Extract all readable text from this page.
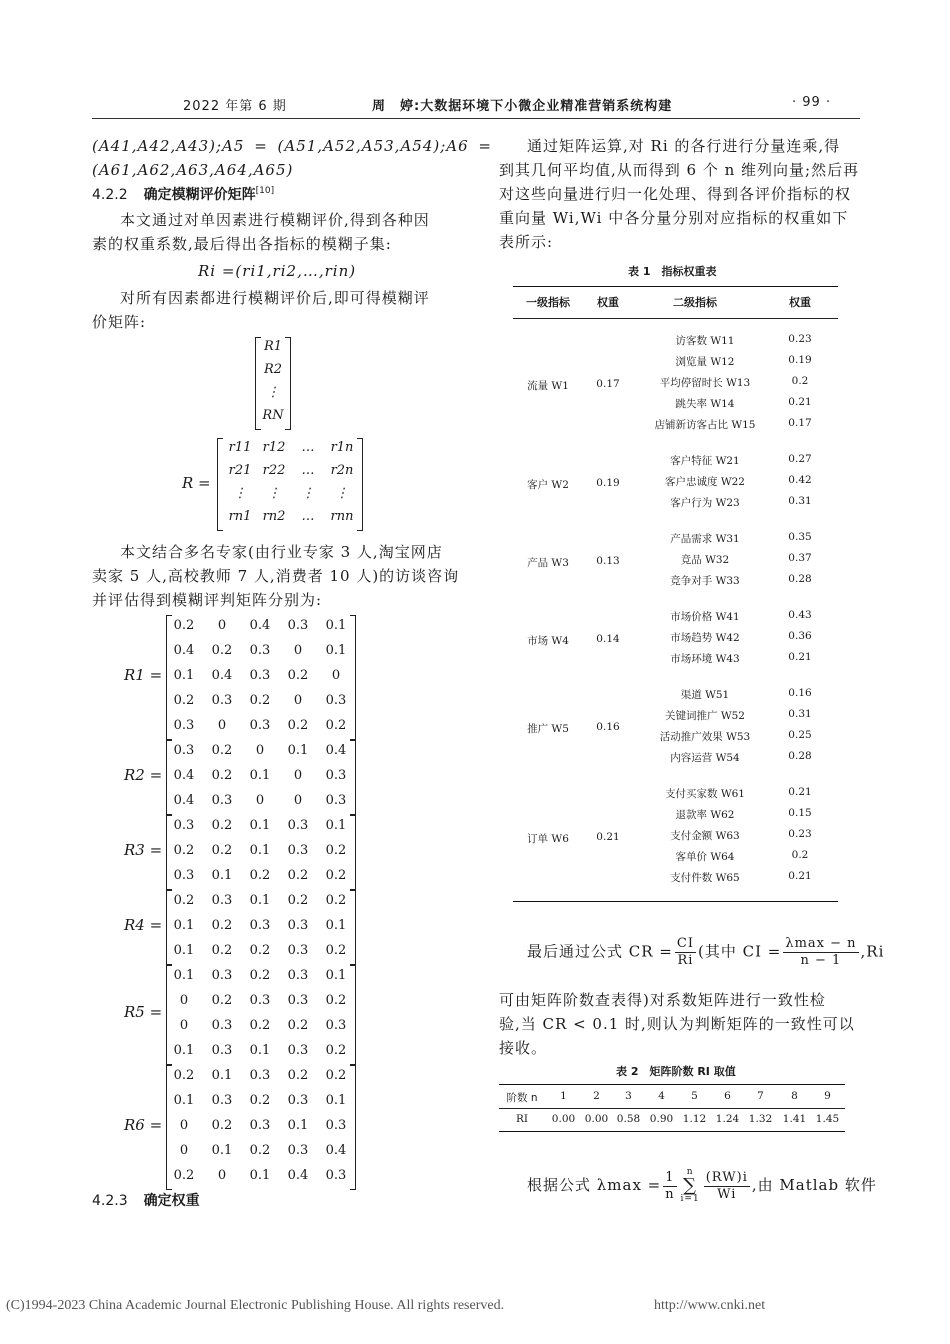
2022 年第 6 期	周　婷:大数据环境下小微企业精准营销系统构建	· 99 ·
(A41,A42,A43);A5 = (A51,A52,A53,A54);A6 =
(A61,A62,A63,A64,A65)
4.2.2 确定模糊评价矩阵[10]
本文通过对单因素进行模糊评价,得到各种因
素的权重系数,最后得出各指标的模糊子集:
Ri =(ri1,ri2,…,rin)
对所有因素都进行模糊评价后,即可得模糊评
价矩阵:
R1
R2
⋮
RN
R =
r11 r12	…	r1n
r21 r22	…	r2n
⋮	⋮	⋮	⋮
rn1 rn2	…	rnn
本文结合多名专家(由行业专家 3 人,淘宝网店
卖家 5 人,高校教师 7 人,消费者 10 人)的访谈咨询
并评估得到模糊评判矩阵分别为:
R1 =
0.2	0	0.4	0.3	0.1
0.4	0.2	0.3	0	0.1
0.1	0.4	0.3	0.2	0
0.2	0.3	0.2	0	0.3
0.3	0	0.3	0.2	0.2
R2 =
0.3	0.2	0	0.1	0.4
0.4	0.2	0.1	0	0.3
0.4	0.3	0	0	0.3
R3 =
0.3	0.2	0.1	0.3	0.1
0.2	0.2	0.1	0.3	0.2
0.3	0.1	0.2	0.2	0.2
R4 =
0.2	0.3	0.1	0.2	0.2
0.1	0.2	0.3	0.3	0.1
0.1	0.2	0.2	0.3	0.2
R5 =
0.1	0.3	0.2	0.3	0.1
0	0.2	0.3	0.3	0.2
0	0.3	0.2	0.2	0.3
0.1	0.3	0.1	0.3	0.2
R6 =
0.2	0.1	0.3	0.2	0.2
0.1	0.3	0.2	0.3	0.1
0	0.2	0.3	0.1	0.3
0	0.1	0.2	0.3	0.4
0.2	0	0.1	0.4	0.3
4.2.3 确定权重
通过矩阵运算,对 Ri 的各行进行分量连乘,得
到其几何平均值,从而得到 6 个 n 维列向量;然后再
对这些向量进行归一化处理、得到各评价指标的权
重向量 Wi,Wi 中各分量分别对应指标的权重如下
表所示:
表 1　指标权重表
一级指标	权重	二级指标	权重
流量 W1	0.17
访客数 W11	0.23
浏览量 W12	0.19
平均停留时长 W13	0.2
跳失率 W14	0.21
店铺新访客占比 W15	0.17
客户 W2	0.19
客户特征 W21	0.27
客户忠诚度 W22	0.42
客户行为 W23	0.31
产品 W3	0.13
产品需求 W31	0.35
竞品 W32	0.37
竞争对手 W33	0.28
市场 W4	0.14
市场价格 W41	0.43
市场趋势 W42	0.36
市场环境 W43	0.21
推广 W5	0.16
渠道 W51	0.16
关键词推广 W52	0.31
活动推广效果 W53	0.25
内容运营 W54	0.28
订单 W6	0.21
支付买家数 W61	0.21
退款率 W62	0.15
支付金额 W63	0.23
客单价 W64	0.2
支付件数 W65	0.21
最后通过公式 CR = $\frac{CI}{Ri}$ (其中 CI = $\frac{\lambda\max - n}{n - 1} ,Ri$
可由矩阵阶数查表得)对系数矩阵进行一致性检
验,当 CR < 0.1 时,则认为判断矩阵的一致性可以
接收。
表 2　矩阵阶数 RI 取值
阶数 n	1	2	3	4	5	6	7	8	9
RI	0.00 0.00 0.58 0.90 1.12 1.24 1.32	1.41 1.45
根据公式 $\lambda\max = \frac{1}{n}$	n
∑
$i=1 \frac{(RW)i}{Wi}$ ,由 Matlab 软件
(C)1994-2023 China Academic Journal Electronic Publishing House. All rights reserved.	http://www.cnki.net
